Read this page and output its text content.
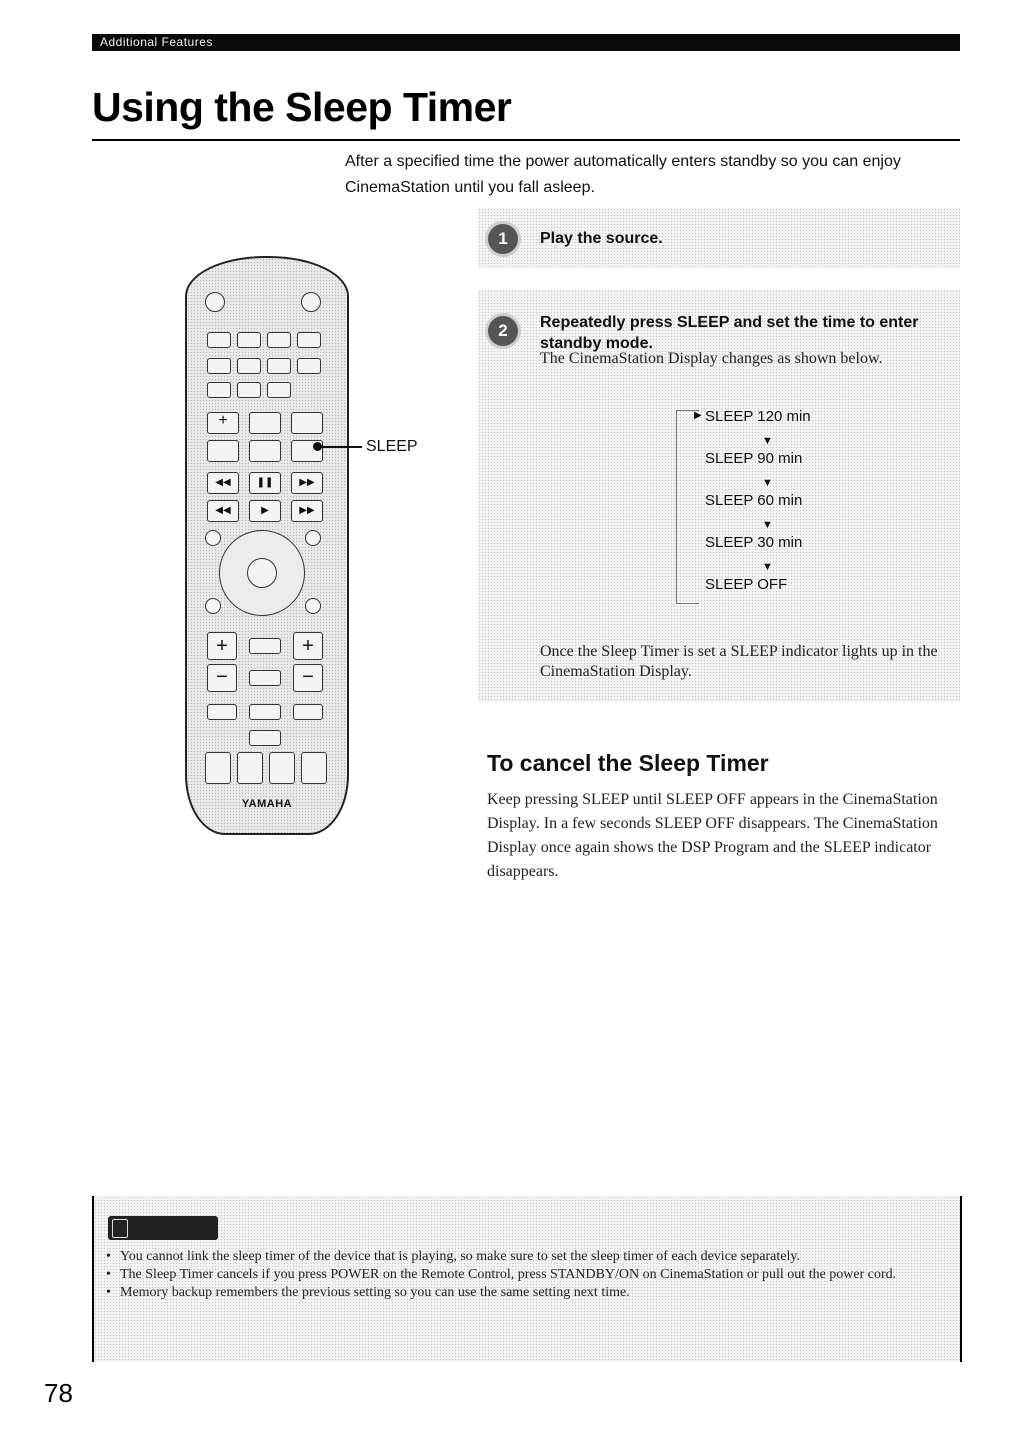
Additional Features
Using the Sleep Timer
After a specified time the power automatically enters standby so you can enjoy CinemaStation until you fall asleep.
+
◀◀	❚❚	▶▶
◀◀	▶	▶▶
+	+
−	−
YAMAHA
SLEEP
1	Play the source.
2	Repeatedly press SLEEP and set the time to enter standby mode.
The CinemaStation Display changes as shown below.
SLEEP 120 min
▼
SLEEP 90 min
▼
SLEEP 60 min
▼
SLEEP 30 min
▼
SLEEP OFF
▶
Once the Sleep Timer is set a SLEEP indicator lights up in the CinemaStation Display.
To cancel the Sleep Timer
Keep pressing SLEEP until SLEEP OFF appears in the CinemaStation Display. In a few seconds SLEEP OFF disappears. The CinemaStation Display once again shows the DSP Program and the SLEEP indicator disappears.
• You cannot link the sleep timer of the device that is playing, so make sure to set the sleep timer of each device separately.
• The Sleep Timer cancels if you press POWER on the Remote Control, press STANDBY/ON on CinemaStation or pull out the power cord.
• Memory backup remembers the previous setting so you can use the same setting next time.
78
